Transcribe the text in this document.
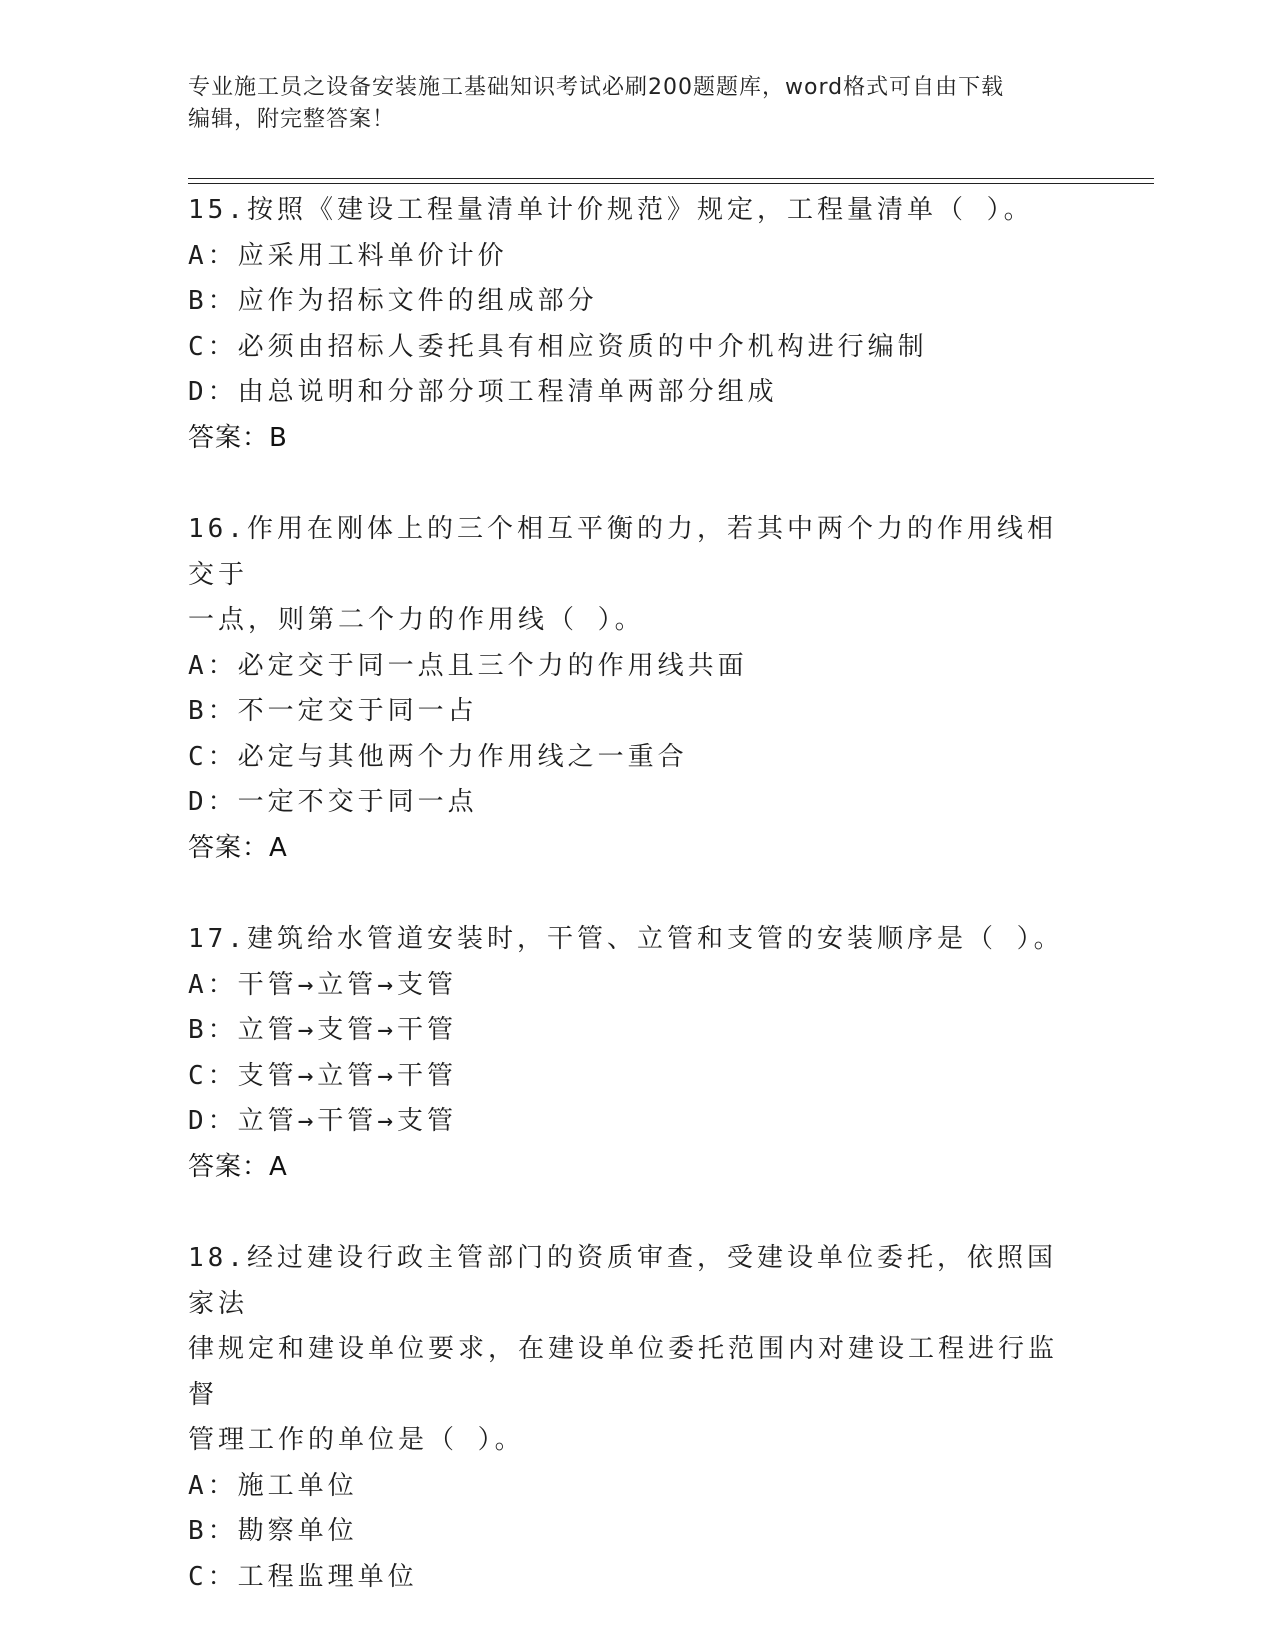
专业施工员之设备安装施工基础知识考试必刷200题题库，word格式可自由下载
编辑，附完整答案！
15.按照《建设工程量清单计价规范》规定，工程量清单（ ）。
A：应采用工料单价计价
B：应作为招标文件的组成部分
C：必须由招标人委托具有相应资质的中介机构进行编制
D：由总说明和分部分项工程清单两部分组成
答案：B
16.作用在刚体上的三个相互平衡的力，若其中两个力的作用线相交于
一点，则第二个力的作用线（ ）。
A：必定交于同一点且三个力的作用线共面
B：不一定交于同一占
C：必定与其他两个力作用线之一重合
D：一定不交于同一点
答案：A
17.建筑给水管道安装时，干管、立管和支管的安装顺序是（ ）。
A：干管→立管→支管
B：立管→支管→干管
C：支管→立管→干管
D：立管→干管→支管
答案：A
18.经过建设行政主管部门的资质审查，受建设单位委托，依照国家法
律规定和建设单位要求，在建设单位委托范围内对建设工程进行监督
管理工作的单位是（ ）。
A：施工单位
B：勘察单位
C：工程监理单位
